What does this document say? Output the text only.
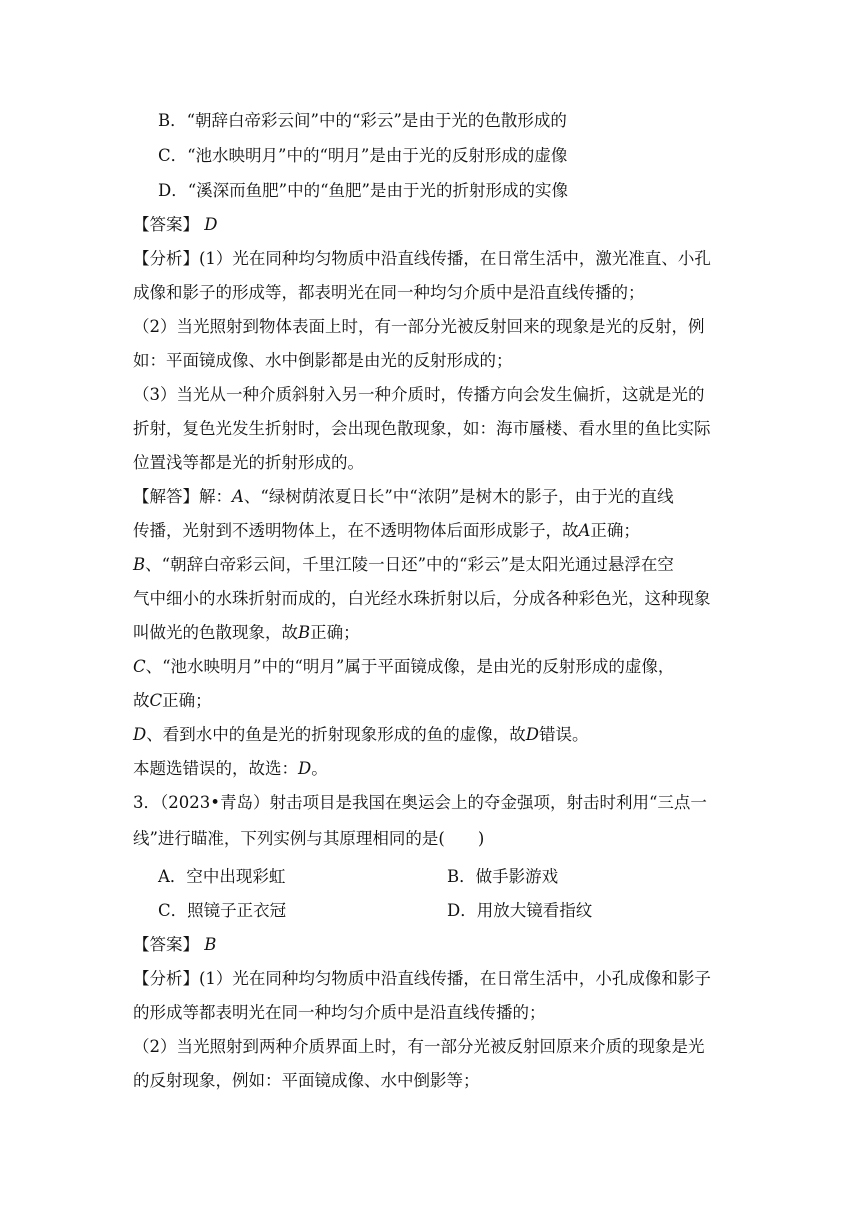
B．“朝辞白帝彩云间”中的“彩云”是由于光的色散形成的
C．“池水映明月”中的“明月”是由于光的反射形成的虚像
D．“溪深而鱼肥”中的“鱼肥”是由于光的折射形成的实像
【答案】 D
【分析】(1）光在同种均匀物质中沿直线传播，在日常生活中，激光准直、小孔
成像和影子的形成等，都表明光在同一种均匀介质中是沿直线传播的；
（2）当光照射到物体表面上时，有一部分光被反射回来的现象是光的反射，例
如：平面镜成像、水中倒影都是由光的反射形成的；
（3）当光从一种介质斜射入另一种介质时，传播方向会发生偏折，这就是光的
折射，复色光发生折射时，会出现色散现象，如：海市蜃楼、看水里的鱼比实际
位置浅等都是光的折射形成的。
【解答】解：A、“绿树荫浓夏日长”中“浓阴”是树木的影子，由于光的直线
传播，光射到不透明物体上，在不透明物体后面形成影子，故A正确；
B、“朝辞白帝彩云间，千里江陵一日还”中的“彩云”是太阳光通过悬浮在空
气中细小的水珠折射而成的，白光经水珠折射以后，分成各种彩色光，这种现象
叫做光的色散现象，故B正确；
C、“池水映明月”中的“明月”属于平面镜成像，是由光的反射形成的虚像，
故C正确；
D、看到水中的鱼是光的折射现象形成的鱼的虚像，故D错误。
本题选错误的，故选：D。
3．（2023•青岛）射击项目是我国在奥运会上的夺金强项，射击时利用“三点一
线”进行瞄准，下列实例与其原理相同的是(　　)
A．空中出现彩虹	B．做手影游戏
C．照镜子正衣冠	D．用放大镜看指纹
【答案】 B
【分析】(1）光在同种均匀物质中沿直线传播，在日常生活中，小孔成像和影子
的形成等都表明光在同一种均匀介质中是沿直线传播的；
（2）当光照射到两种介质界面上时，有一部分光被反射回原来介质的现象是光
的反射现象，例如：平面镜成像、水中倒影等；
